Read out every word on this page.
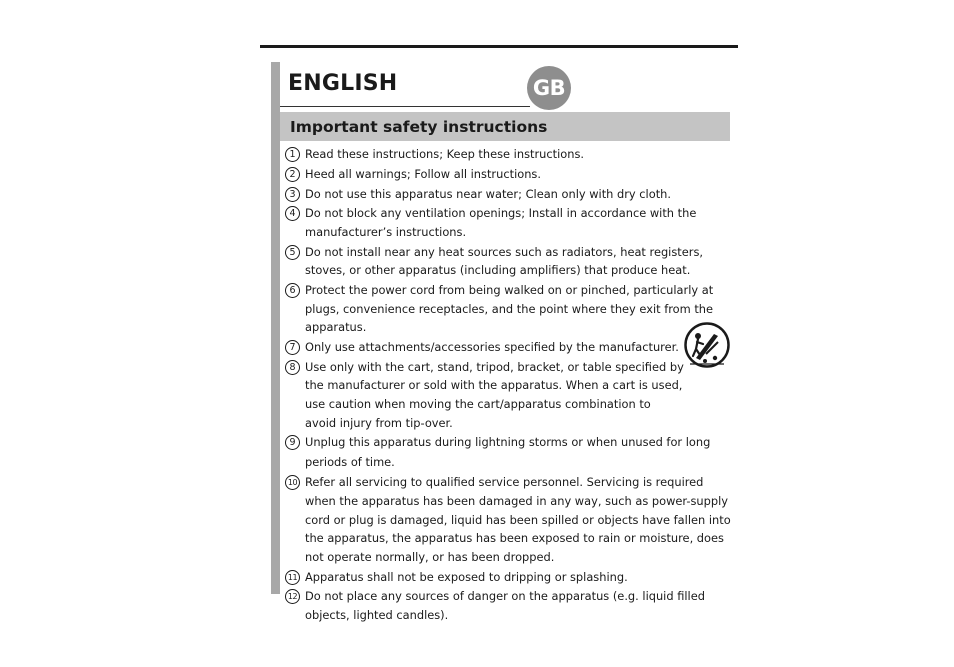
ENGLISH	GB
Important safety instructions
1 Read these instructions; Keep these instructions.
2 Heed all warnings; Follow all instructions.
3 Do not use this apparatus near water; Clean only with dry cloth.
4 Do not block any ventilation openings; Install in accordance with the manufacturer’s instructions.
5 Do not install near any heat sources such as radiators, heat registers, stoves, or other apparatus (including amplifiers) that produce heat.
6 Protect the power cord from being walked on or pinched, particularly at plugs, convenience receptacles, and the point where they exit from the apparatus.
7 Only use attachments/accessories specified by the manufacturer.
8 Use only with the cart, stand, tripod, bracket, or table specified by the manufacturer or sold with the apparatus. When a cart is used, use caution when moving the cart/apparatus combination to avoid injury from tip-over.
9 Unplug this apparatus during lightning storms or when unused for long periods of time.
10 Refer all servicing to qualified service personnel. Servicing is required when the apparatus has been damaged in any way, such as power-supply cord or plug is damaged, liquid has been spilled or objects have fallen into the apparatus, the apparatus has been exposed to rain or moisture, does not operate normally, or has been dropped.
11 Apparatus shall not be exposed to dripping or splashing.
12 Do not place any sources of danger on the apparatus (e.g. liquid filled objects, lighted candles).
